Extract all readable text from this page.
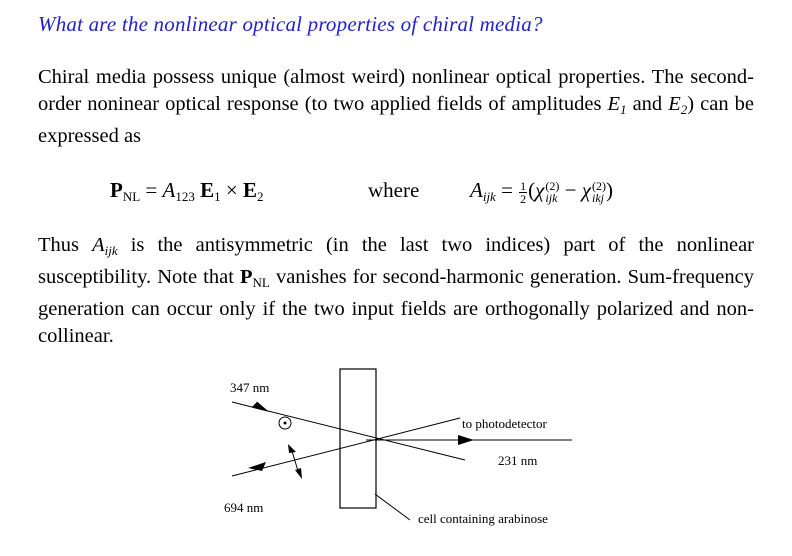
What are the nonlinear optical properties of chiral media?
Chiral media possess unique (almost weird) nonlinear optical properties. The second-order noninear optical response (to two applied fields of amplitudes $E_1$ and $E_2$) can be expressed as
$P_{NL} = A_{123}$ $E_1 \times E_2$	where $A_{ijk} = \frac{1}{2} (\chi$ (2)
ijk − χ (2)
ikj )
Thus $A_{ijk}$ is the antisymmetric (in the last two indices) part of the nonlinear susceptibility. Note that $P_{NL}$ vanishes for second-harmonic generation. Sum-frequency generation can occur only if the two input fields are orthogonally polarized and non-collinear.
347 nm
694 nm
to photodetector
231 nm
cell containing arabinose
